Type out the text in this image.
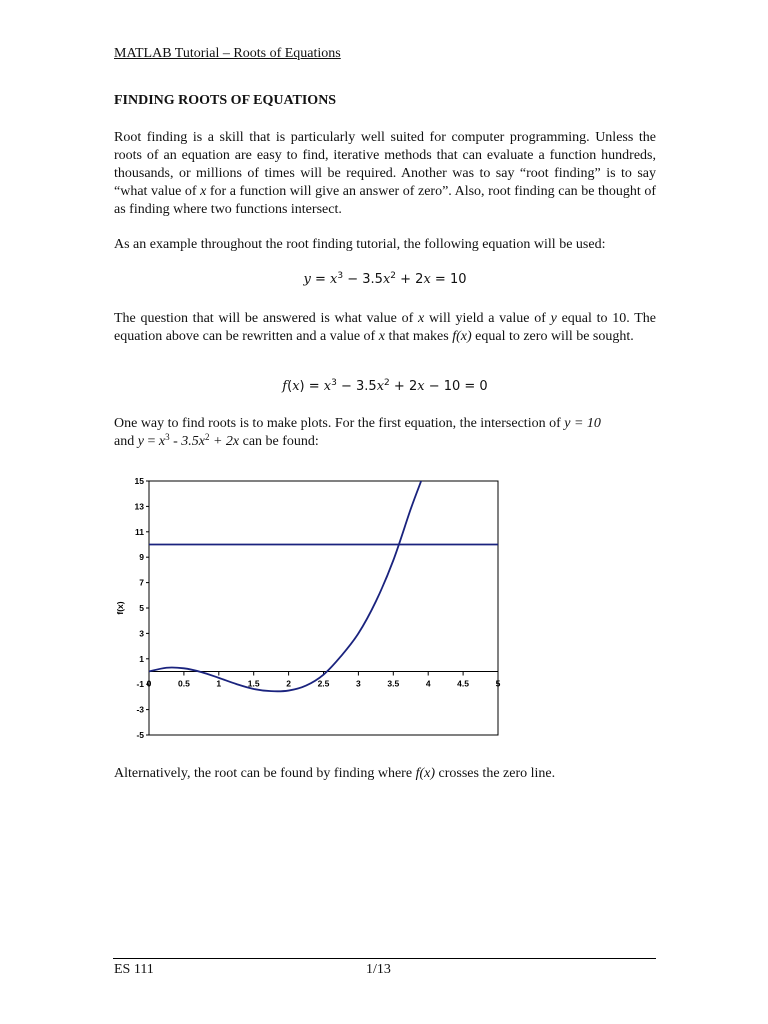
MATLAB Tutorial – Roots of Equations
FINDING ROOTS OF EQUATIONS

Root finding is a skill that is particularly well suited for computer programming. Unless the roots of an equation are easy to find, iterative methods that can evaluate a function hundreds, thousands, or millions of times will be required. Another was to say “root finding” is to say “what value of x for a function will give an answer of zero”. Also, root finding can be thought of as finding where two functions intersect.

As an example throughout the root finding tutorial, the following equation will be used:

$y = x^3 - 3.5x^2 + 2x = 10$

The question that will be answered is what value of x will yield a value of y equal to 10. The equation above can be rewritten and a value of x that makes f(x) equal to zero will be sought.

$f(x) = x^3 - 3.5x^2 + 2x - 10 = 0$

One way to find roots is to make plots. For the first equation, the intersection of y = 10
and $y = x^3 - 3.5x^2 + 2x$ can be found:

0	0.5	1	1.5	2	2.5	3	3.5	4	4.5	5
-5
-3
-1
1
3
5
7
9
11
13
15
f(x)

Alternatively, the root can be found by finding where f(x) crosses the zero line.

ES 111	1/13
